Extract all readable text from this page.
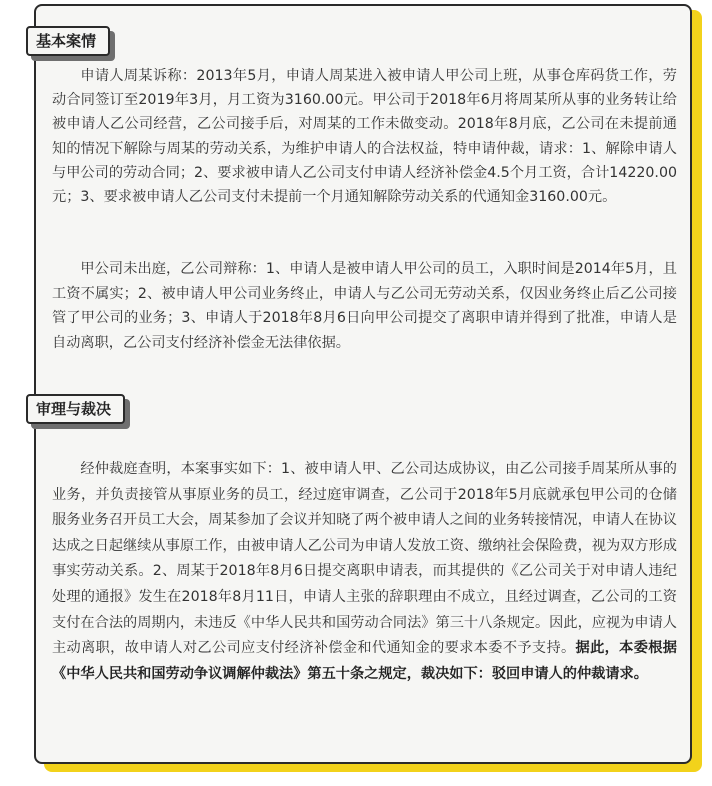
基本案情

申请人周某诉称：2013年5月，申请人周某进入被申请人甲公司上班，从事仓库码货工作，劳动合同签订至2019年3月，月工资为3160.00元。甲公司于2018年6月将周某所从事的业务转让给被申请人乙公司经营，乙公司接手后，对周某的工作未做变动。2018年8月底，乙公司在未提前通知的情况下解除与周某的劳动关系，为维护申请人的合法权益，特申请仲裁，请求：1、解除申请人与甲公司的劳动合同；2、要求被申请人乙公司支付申请人经济补偿金4.5个月工资，合计14220.00元；3、要求被申请人乙公司支付未提前一个月通知解除劳动关系的代通知金3160.00元。

甲公司未出庭，乙公司辩称：1、申请人是被申请人甲公司的员工，入职时间是2014年5月，且工资不属实；2、被申请人甲公司业务终止，申请人与乙公司无劳动关系，仅因业务终止后乙公司接管了甲公司的业务；3、申请人于2018年8月6日向甲公司提交了离职申请并得到了批准，申请人是自动离职，乙公司支付经济补偿金无法律依据。

审理与裁决

经仲裁庭查明，本案事实如下：1、被申请人甲、乙公司达成协议，由乙公司接手周某所从事的业务，并负责接管从事原业务的员工，经过庭审调查，乙公司于2018年5月底就承包甲公司的仓储服务业务召开员工大会，周某参加了会议并知晓了两个被申请人之间的业务转接情况，申请人在协议达成之日起继续从事原工作，由被申请人乙公司为申请人发放工资、缴纳社会保险费，视为双方形成事实劳动关系。2、周某于2018年8月6日提交离职申请表，而其提供的《乙公司关于对申请人违纪处理的通报》发生在2018年8月11日，申请人主张的辞职理由不成立，且经过调查，乙公司的工资支付在合法的周期内，未违反《中华人民共和国劳动合同法》第三十八条规定。因此，应视为申请人主动离职，故申请人对乙公司应支付经济补偿金和代通知金的要求本委不予支持。据此，本委根据《中华人民共和国劳动争议调解仲裁法》第五十条之规定，裁决如下：驳回申请人的仲裁请求。
